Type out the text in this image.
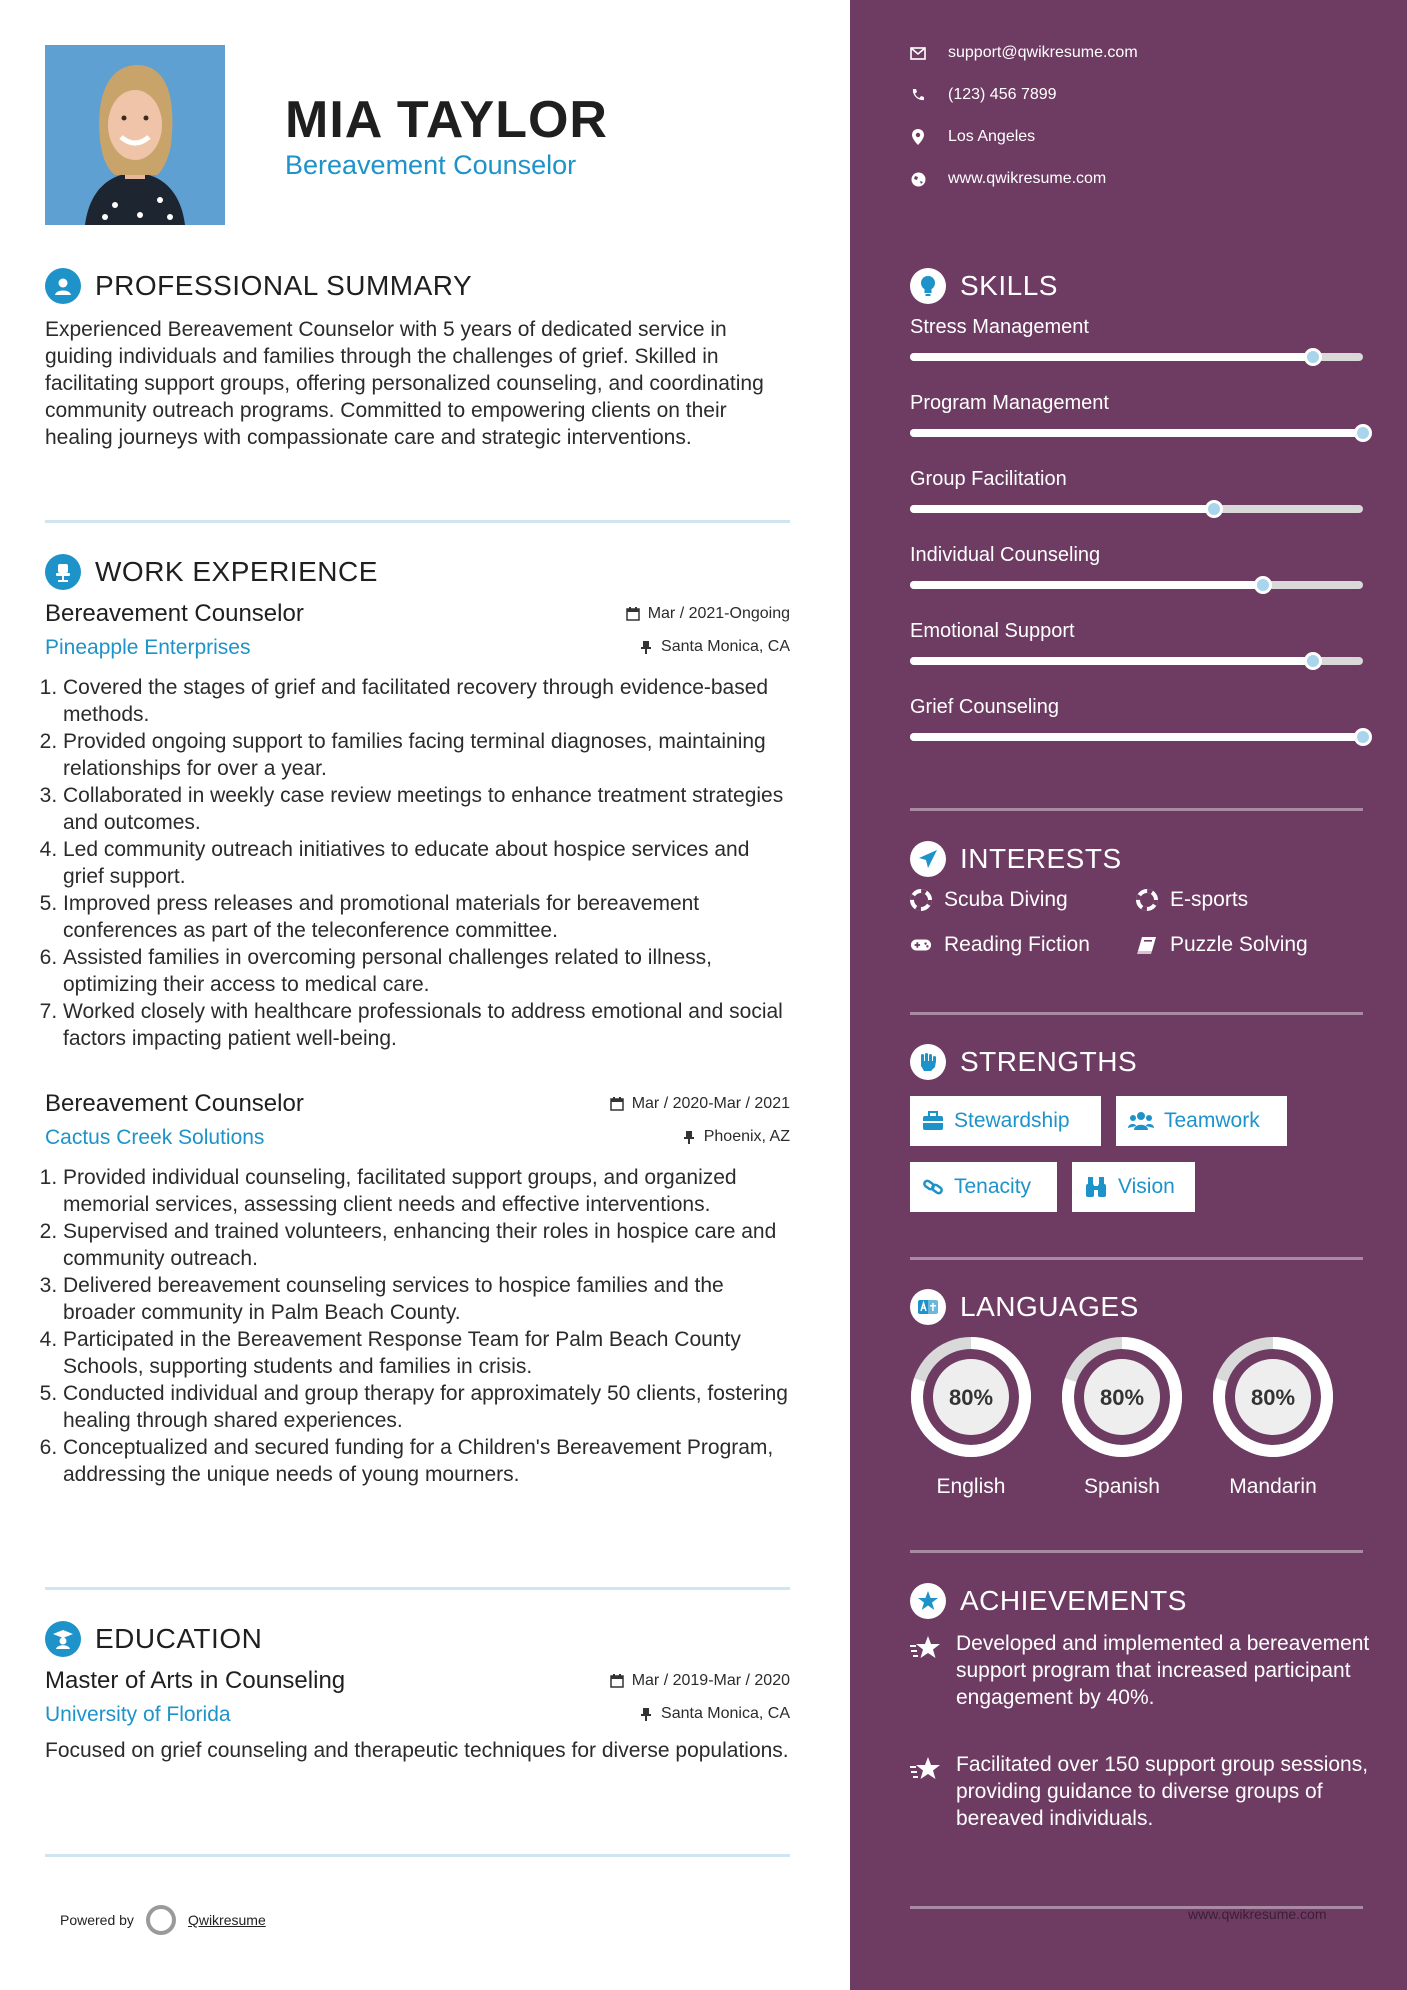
MIA TAYLOR
Bereavement Counselor
PROFESSIONAL SUMMARY
Experienced Bereavement Counselor with 5 years of dedicated service in guiding individuals and families through the challenges of grief. Skilled in facilitating support groups, offering personalized counseling, and coordinating community outreach programs. Committed to empowering clients on their healing journeys with compassionate care and strategic interventions.
WORK EXPERIENCE
Bereavement Counselor	Mar / 2021-Ongoing
Pineapple Enterprises	Santa Monica, CA
1. Covered the stages of grief and facilitated recovery through evidence-based methods.
2. Provided ongoing support to families facing terminal diagnoses, maintaining relationships for over a year.
3. Collaborated in weekly case review meetings to enhance treatment strategies and outcomes.
4. Led community outreach initiatives to educate about hospice services and grief support.
5. Improved press releases and promotional materials for bereavement conferences as part of the teleconference committee.
6. Assisted families in overcoming personal challenges related to illness, optimizing their access to medical care.
7. Worked closely with healthcare professionals to address emotional and social factors impacting patient well-being.
Bereavement Counselor	Mar / 2020-Mar / 2021
Cactus Creek Solutions	Phoenix, AZ
1. Provided individual counseling, facilitated support groups, and organized memorial services, assessing client needs and effective interventions.
2. Supervised and trained volunteers, enhancing their roles in hospice care and community outreach.
3. Delivered bereavement counseling services to hospice families and the broader community in Palm Beach County.
4. Participated in the Bereavement Response Team for Palm Beach County Schools, supporting students and families in crisis.
5. Conducted individual and group therapy for approximately 50 clients, fostering healing through shared experiences.
6. Conceptualized and secured funding for a Children's Bereavement Program, addressing the unique needs of young mourners.
EDUCATION
Master of Arts in Counseling	Mar / 2019-Mar / 2020
University of Florida	Santa Monica, CA
Focused on grief counseling and therapeutic techniques for diverse populations.
Powered by	Qwikresume
support@qwikresume.com
(123) 456 7899
Los Angeles
www.qwikresume.com
SKILLS
Stress Management
Program Management
Group Facilitation
Individual Counseling
Emotional Support
Grief Counseling
INTERESTS
Scuba Diving	E-sports
Reading Fiction	Puzzle Solving
STRENGTHS
Stewardship	Teamwork
Tenacity	Vision
LANGUAGES
80%
English
80%
Spanish
80%
Mandarin
ACHIEVEMENTS
Developed and implemented a bereavement support program that increased participant engagement by 40%.
Facilitated over 150 support group sessions, providing guidance to diverse groups of bereaved individuals.
www.qwikresume.com
